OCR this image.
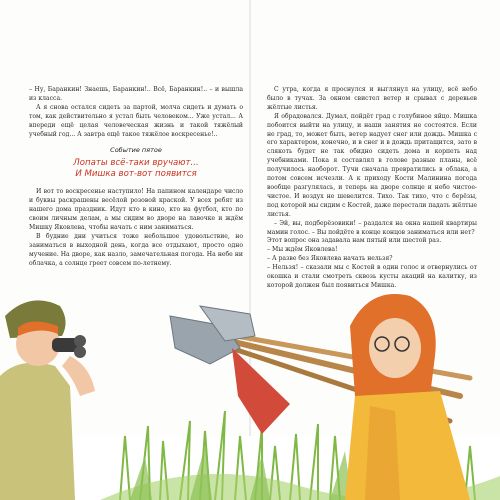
– Ну, Баранкин! Знаешь, Баранкин!.. Всё, Баранкин!.. – и вышла из класса.

А я снова остался сидеть за партой, молча сидеть и думать о том, как действительно я устал быть человеком... Уже устал... А впереди ещё целая человеческая жизнь и такой тяжёлый учебный год... А завтра ещё такое тяжёлое воскресенье!..

Событие пятое
Лопаты всё-таки вручают...
И Мишка вот-вот появится

И вот то воскресенье наступило! На папином календаре число и буквы раскрашены весёлой розовой краской. У всех ребят из нашего дома праздник. Идут кто в кино, кто на футбол, кто по своим личным делам, а мы сидим во дворе на лавочке и ждём Мишку Яковлева, чтобы начать с ним заниматься.

В будние дни учиться тоже небольшое удовольствие, но заниматься в выходной день, когда все отдыхают, просто одно мучение. На дворе, как назло, замечательная погода. На небе ни облачка, а солнце греет совсем по-летнему.

С утра, когда я проснулся и выглянул на улицу, всё небо было в тучах. За окном свистел ветер и срывал с деревьев жёлтые листья.

Я обрадовался. Думал, пойдёт град с голубиное яйцо. Мишка побоится выйти на улицу, и наши занятия не состоятся. Если не град, то, может быть, ветер надует снег или дождь. Мишка с его характером, конечно, и в снег и в дождь притащится, зато в слякоть будет не так обидно сидеть дома и корпеть над учебниками. Пока я составлял в голове разные планы, всё получилось наоборот. Тучи сначала превратились в облака, а потом совсем исчезли. А к приходу Кости Малинина погода вообще разгулялась, и теперь на дворе солнце и небо чистое-чистое. И воздух не шевелится. Тихо. Так тихо, что с берёзы, под которой мы сидим с Костей, даже перестали падать жёлтые листья.

– Эй, вы, подберёзовики! – раздался на окна нашей квартиры мамин голос. – Вы пойдёте в конце концов заниматься или нет?

Этот вопрос она задавала нам пятый или шестой раз.

– Мы ждём Яковлева!

– А разве без Яковлева начать нельзя?

– Нельзя! – сказали мы с Костей в один голос и отвернулись от окошка и стали смотреть сквозь кусты акаций на калитку, из которой должен был появиться Мишка.
